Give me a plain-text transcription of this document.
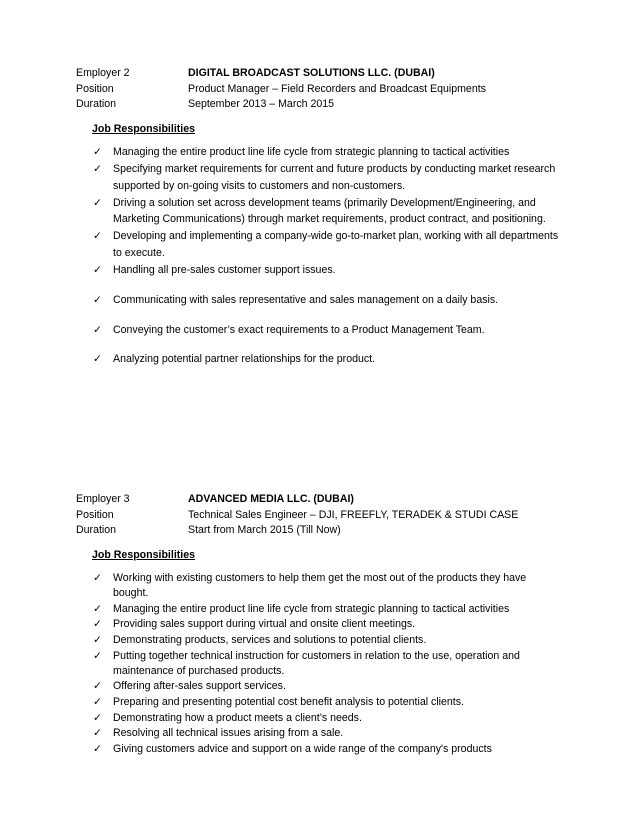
Employer 2	DIGITAL BROADCAST SOLUTIONS LLC. (DUBAI)
Position	Product Manager – Field Recorders and Broadcast Equipments
Duration	September 2013 – March 2015
Job Responsibilities
✓	Managing the entire product line life cycle from strategic planning to tactical activities
✓	Specifying market requirements for current and future products by conducting market research
supported by on-going visits to customers and non-customers.
✓	Driving a solution set across development teams (primarily Development/Engineering, and
Marketing Communications) through market requirements, product contract, and positioning.
✓	Developing and implementing a company-wide go-to-market plan, working with all departments
to execute.
✓	Handling all pre-sales customer support issues.
✓	Communicating with sales representative and sales management on a daily basis.
✓	Conveying the customer’s exact requirements to a Product Management Team.
✓	Analyzing potential partner relationships for the product.
Employer 3	ADVANCED MEDIA LLC. (DUBAI)
Position	Technical Sales Engineer – DJI, FREEFLY, TERADEK & STUDI CASE
Duration	Start from March 2015 (Till Now)
Job Responsibilities
✓	Working with existing customers to help them get the most out of the products they have
bought.
✓	Managing the entire product line life cycle from strategic planning to tactical activities
✓	Providing sales support during virtual and onsite client meetings.
✓	Demonstrating products, services and solutions to potential clients.
✓	Putting together technical instruction for customers in relation to the use, operation and
maintenance of purchased products.
✓	Offering after-sales support services.
✓	Preparing and presenting potential cost benefit analysis to potential clients.
✓	Demonstrating how a product meets a client’s needs.
✓	Resolving all technical issues arising from a sale.
✓	Giving customers advice and support on a wide range of the company's products
